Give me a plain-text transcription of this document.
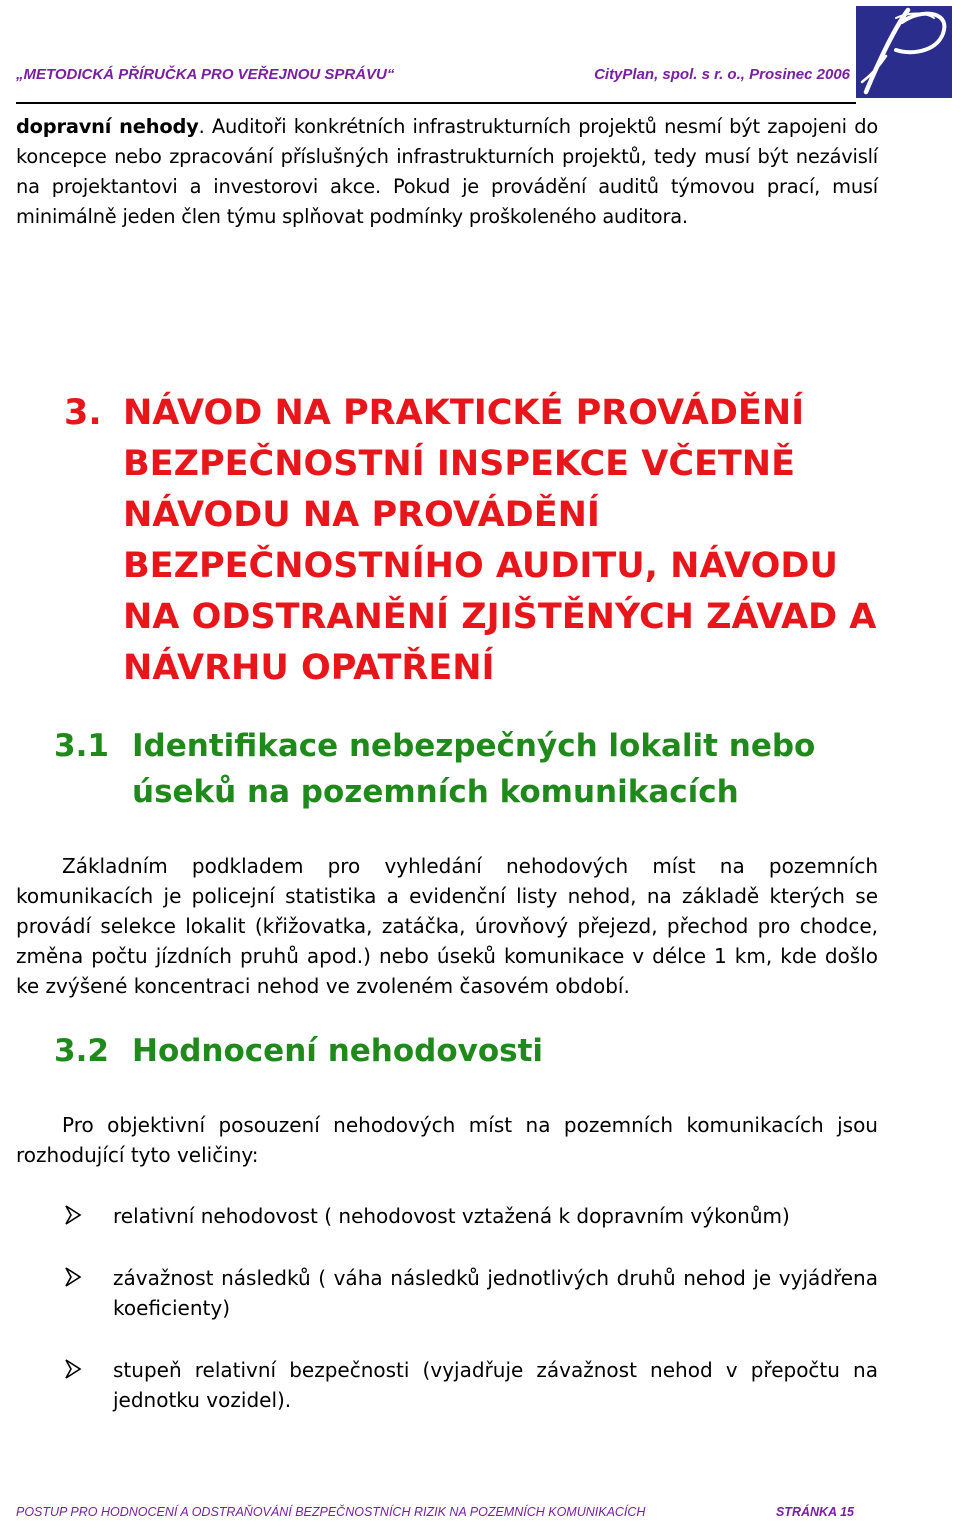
„METODICKÁ PŘÍRUČKA PRO VEŘEJNOU SPRÁVU“	CityPlan, spol. s r. o., Prosinec 2006
dopravní nehody. Auditoři konkrétních infrastrukturních projektů nesmí být zapojeni do koncepce nebo zpracování příslušných infrastrukturních projektů, tedy musí být nezávislí na projektantovi a investorovi akce. Pokud je provádění auditů týmovou prací, musí minimálně jeden člen týmu splňovat podmínky proškoleného auditora.
3. NÁVOD NA PRAKTICKÉ PROVÁDĚNÍ BEZPEČNOSTNÍ INSPEKCE VČETNĚ NÁVODU NA PROVÁDĚNÍ BEZPEČNOSTNÍHO AUDITU, NÁVODU NA ODSTRANĚNÍ ZJIŠTĚNÝCH ZÁVAD A NÁVRHU OPATŘENÍ
3.1 Identifikace nebezpečných lokalit nebo úseků na pozemních komunikacích
Základním podkladem pro vyhledání nehodových míst na pozemních komunikacích je policejní statistika a evidenční listy nehod, na základě kterých se provádí selekce lokalit (křižovatka, zatáčka, úrovňový přejezd, přechod pro chodce, změna počtu jízdních pruhů apod.) nebo úseků komunikace v délce 1 km, kde došlo ke zvýšené koncentraci nehod ve zvoleném časovém období.
3.2 Hodnocení nehodovosti
Pro objektivní posouzení nehodových míst na pozemních komunikacích jsou rozhodující tyto veličiny:
relativní nehodovost ( nehodovost vztažená k dopravním výkonům)
závažnost následků ( váha následků jednotlivých druhů nehod je vyjádřena koeficienty)
stupeň relativní bezpečnosti (vyjadřuje závažnost nehod v přepočtu na jednotku vozidel).
POSTUP PRO HODNOCENÍ A ODSTRAŇOVÁNÍ BEZPEČNOSTNÍCH RIZIK NA POZEMNÍCH KOMUNIKACÍCH	STRÁNKA 15
